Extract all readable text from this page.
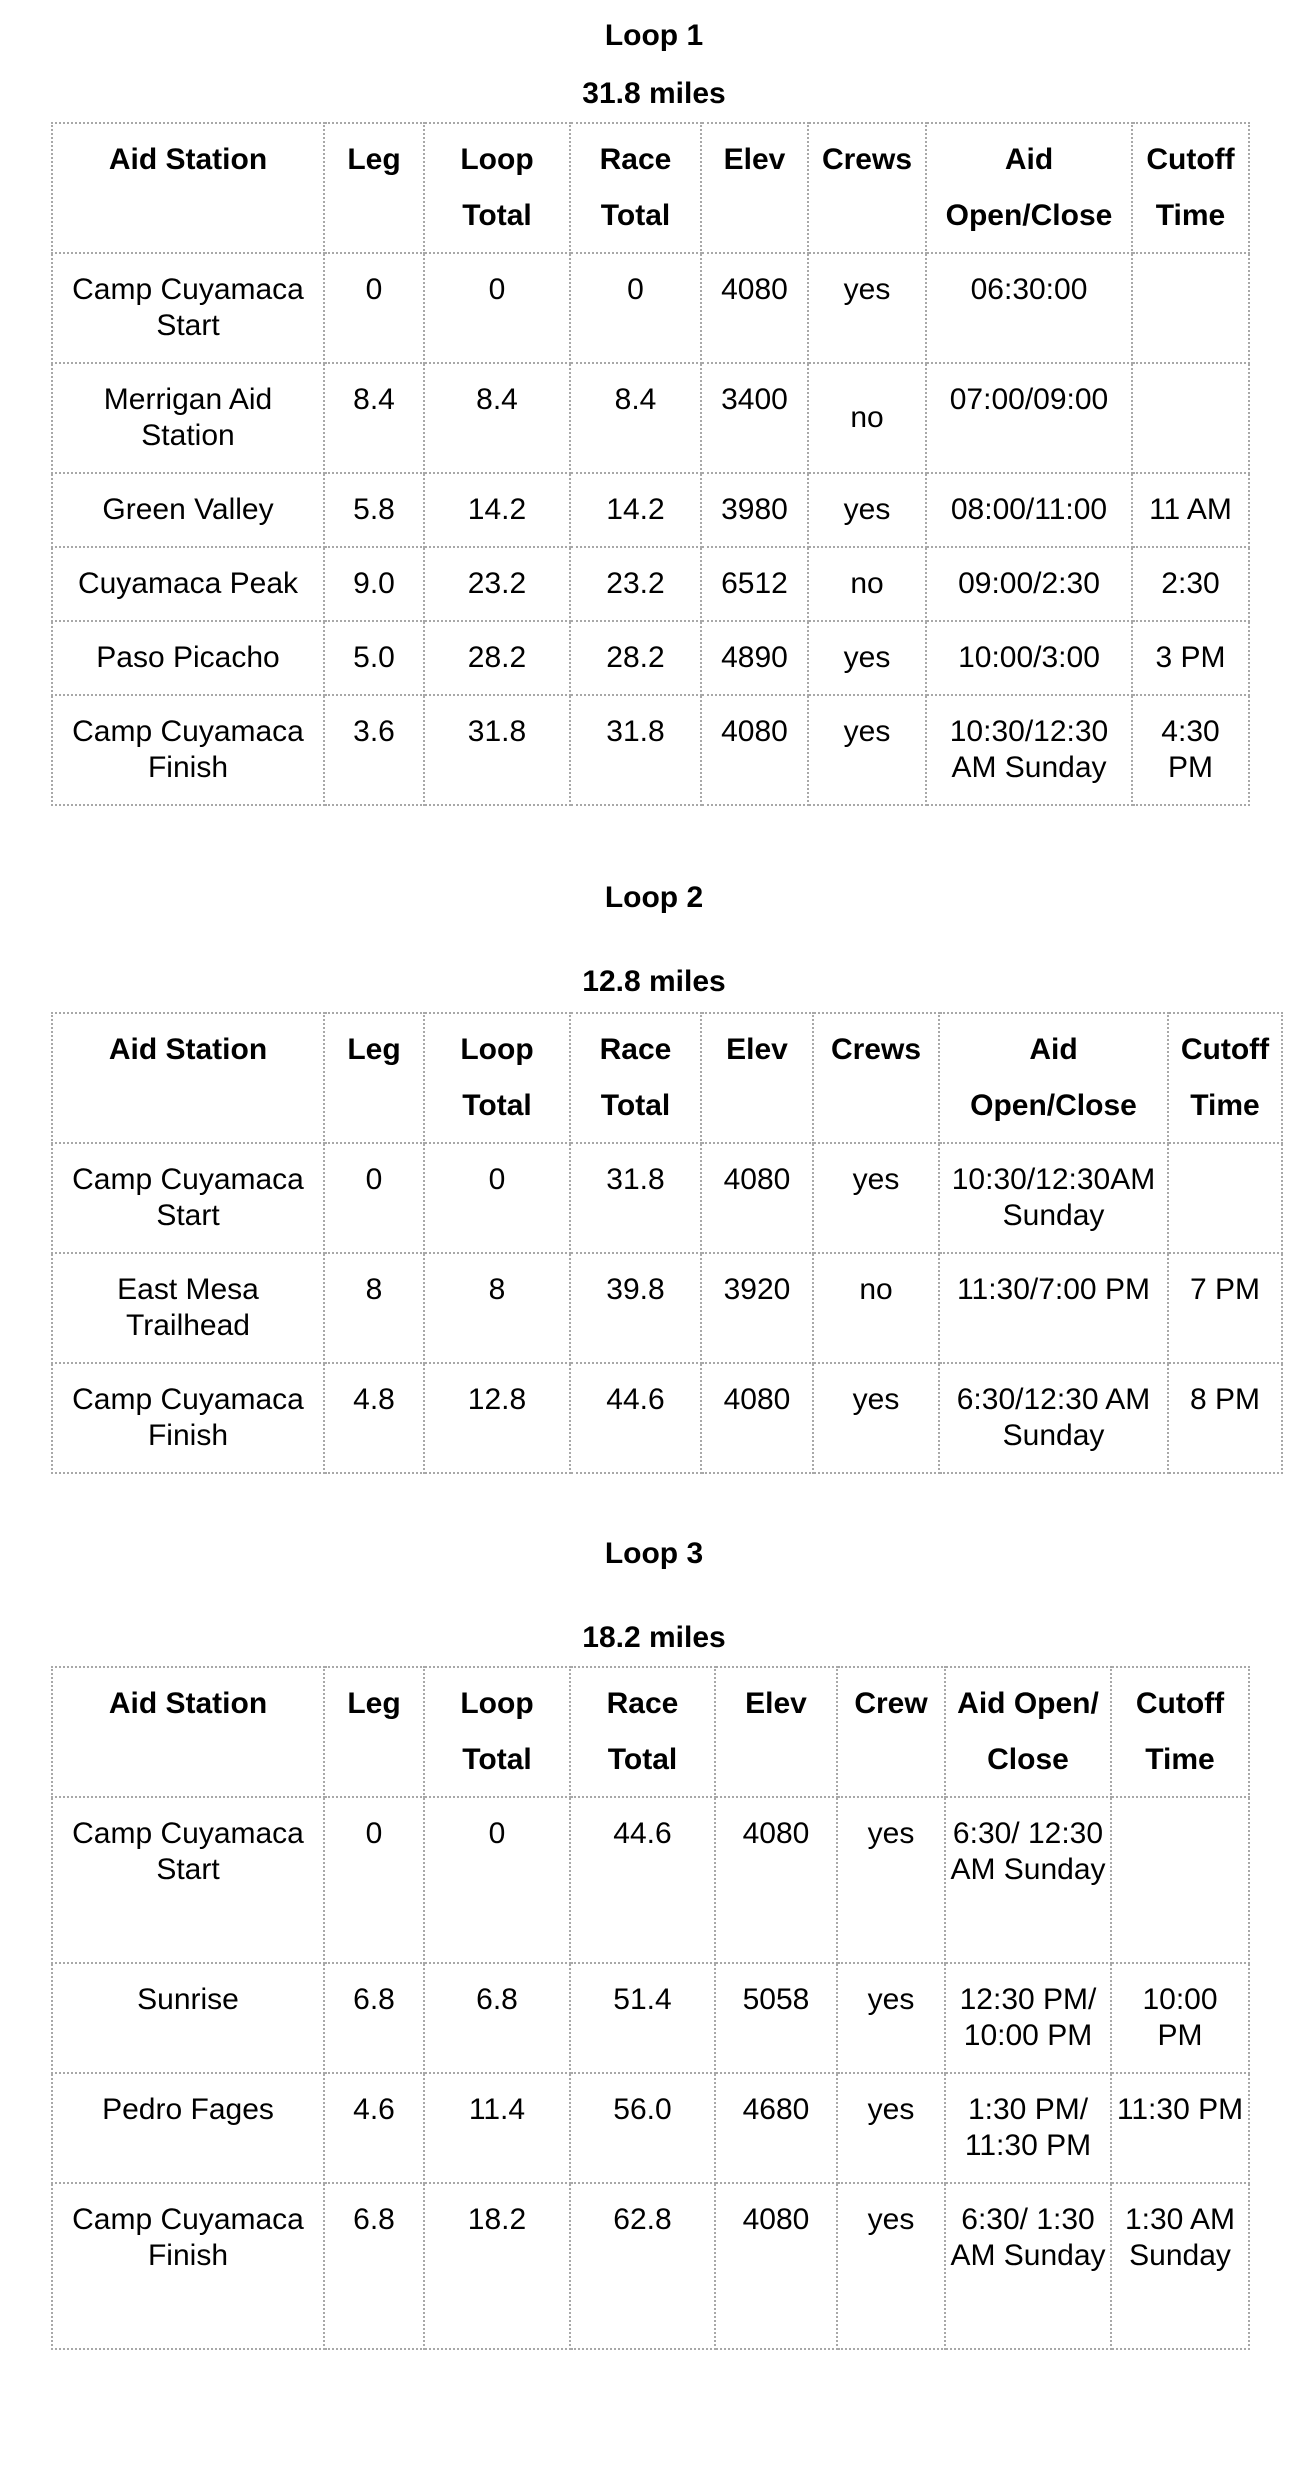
Loop 1
31.8 miles
Aid Station	Leg	Loop Total	Race Total	Elev	Crews	Aid Open/Close	Cutoff Time
Camp Cuyamaca Start	0	0	0	4080	yes	06:30:00	
Merrigan Aid Station	8.4	8.4	8.4	3400	no	07:00/09:00	
Green Valley	5.8	14.2	14.2	3980	yes	08:00/11:00	11 AM
Cuyamaca Peak	9.0	23.2	23.2	6512	no	09:00/2:30	2:30
Paso Picacho	5.0	28.2	28.2	4890	yes	10:00/3:00	3 PM
Camp Cuyamaca Finish	3.6	31.8	31.8	4080	yes	10:30/12:30 AM Sunday	4:30 PM
Loop 2
12.8 miles
Aid Station	Leg	Loop Total	Race Total	Elev	Crews	Aid Open/Close	Cutoff Time
Camp Cuyamaca Start	0	0	31.8	4080	yes	10:30/12:30AM Sunday	
East Mesa Trailhead	8	8	39.8	3920	no	11:30/7:00 PM	7 PM
Camp Cuyamaca Finish	4.8	12.8	44.6	4080	yes	6:30/12:30 AM Sunday	8 PM
Loop 3
18.2 miles
Aid Station	Leg	Loop Total	Race Total	Elev	Crew	Aid Open/ Close	Cutoff Time
Camp Cuyamaca Start	0	0	44.6	4080	yes	6:30/ 12:30 AM Sunday	
Sunrise	6.8	6.8	51.4	5058	yes	12:30 PM/ 10:00 PM	10:00 PM
Pedro Fages	4.6	11.4	56.0	4680	yes	1:30 PM/ 11:30 PM	11:30 PM
Camp Cuyamaca Finish	6.8	18.2	62.8	4080	yes	6:30/ 1:30 AM Sunday	1:30 AM Sunday
